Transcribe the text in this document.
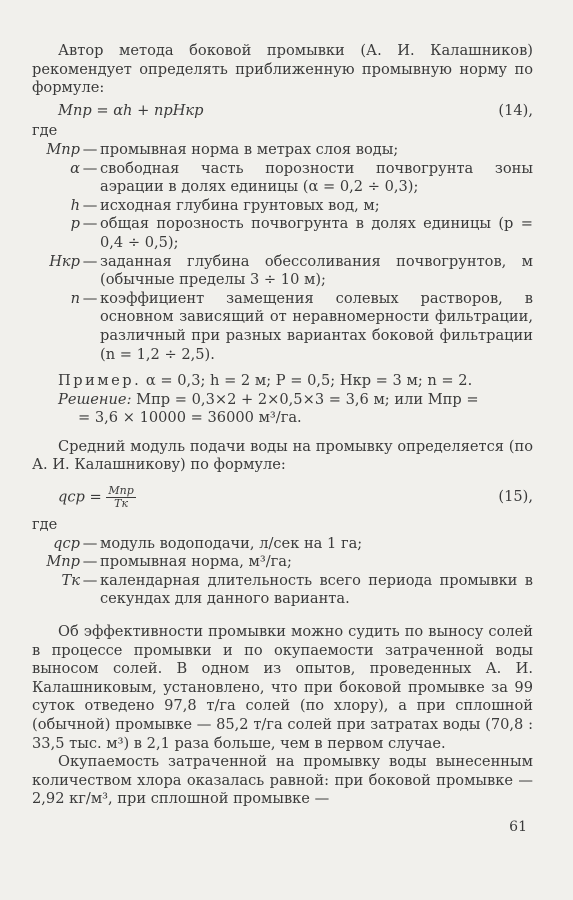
Автор метода боковой промывки (А. И. Калашников) рекомендует определять приближенную промывную норму по формуле:

Mпр = αh + npHкр	(14),

где

Mпр — промывная норма в метрах слоя воды;
α — свободная часть порозности почвогрунта зоны аэрации в долях единицы (α = 0,2 ÷ 0,3);
h — исходная глубина грунтовых вод, м;
p — общая порозность почвогрунта в долях единицы (p = 0,4 ÷ 0,5);
Hкр — заданная глубина обессоливания почвогрунтов, м (обычные пределы 3 ÷ 10 м);
n — коэффициент замещения солевых растворов, в основном зависящий от неравномерности фильтрации, различный при разных вариантах боковой фильтрации (n = 1,2 ÷ 2,5).
Пример. α = 0,3; h = 2 м; P = 0,5; Hкр = 3 м; n = 2.
Решение: Mпр = 0,3×2 + 2×0,5×3 = 3,6 м; или Mпр =
= 3,6 × 10000 = 36000 м³/га.

Средний модуль подачи воды на промывку определяется (по А. И. Калашникову) по формуле:

qср = $\frac{\text{Mпр}}{Tк}$	(15),

где

qср — модуль водоподачи, л/сек на 1 га;
Mпр — промывная норма, м³/га;
Tк — календарная длительность всего периода промывки в секундах для данного варианта.

Об эффективности промывки можно судить по выносу солей в процессе промывки и по окупаемости затраченной воды выносом солей. В одном из опытов, проведенных А. И. Калашниковым, установлено, что при боковой промывке за 99 суток отведено 97,8 т/га солей (по хлору), а при сплошной (обычной) промывке — 85,2 т/га солей при затратах воды (70,8 : 33,5 тыс. м³) в 2,1 раза больше, чем в первом случае.

Окупаемость затраченной на промывку воды вынесенным количеством хлора оказалась равной: при боковой промывке — 2,92 кг/м³, при сплошной промывке —

61
